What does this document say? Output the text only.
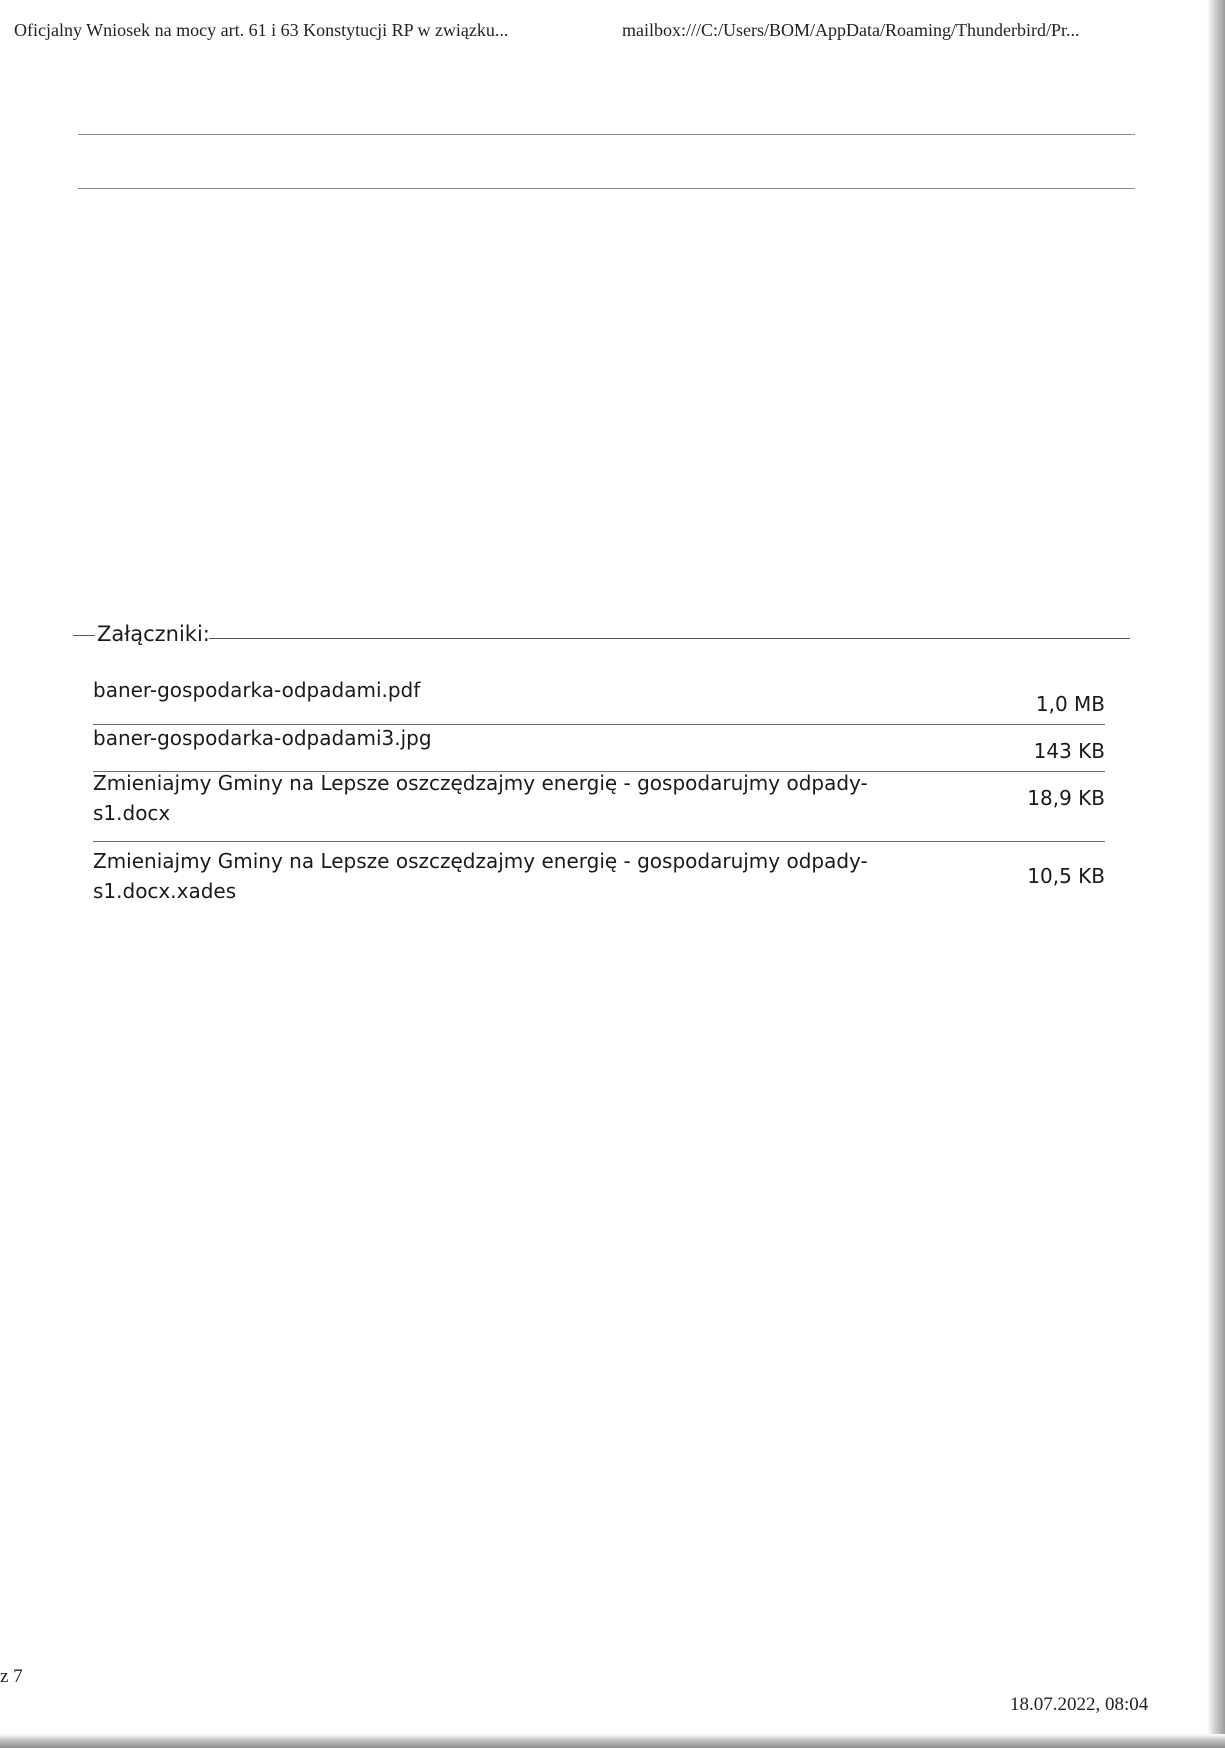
Oficjalny Wniosek na mocy art. 61 i 63 Konstytucji RP w związku...	mailbox:///C:/Users/BOM/AppData/Roaming/Thunderbird/Pr...
Załączniki:
baner-gospodarka-odpadami.pdf
1,0 MB
baner-gospodarka-odpadami3.jpg
143 KB
Zmieniajmy Gminy na Lepsze oszczędzajmy energię - gospodarujmy odpady-s1.docx
18,9 KB
Zmieniajmy Gminy na Lepsze oszczędzajmy energię - gospodarujmy odpady-s1.docx.xades
10,5 KB
z 7
18.07.2022, 08:04
